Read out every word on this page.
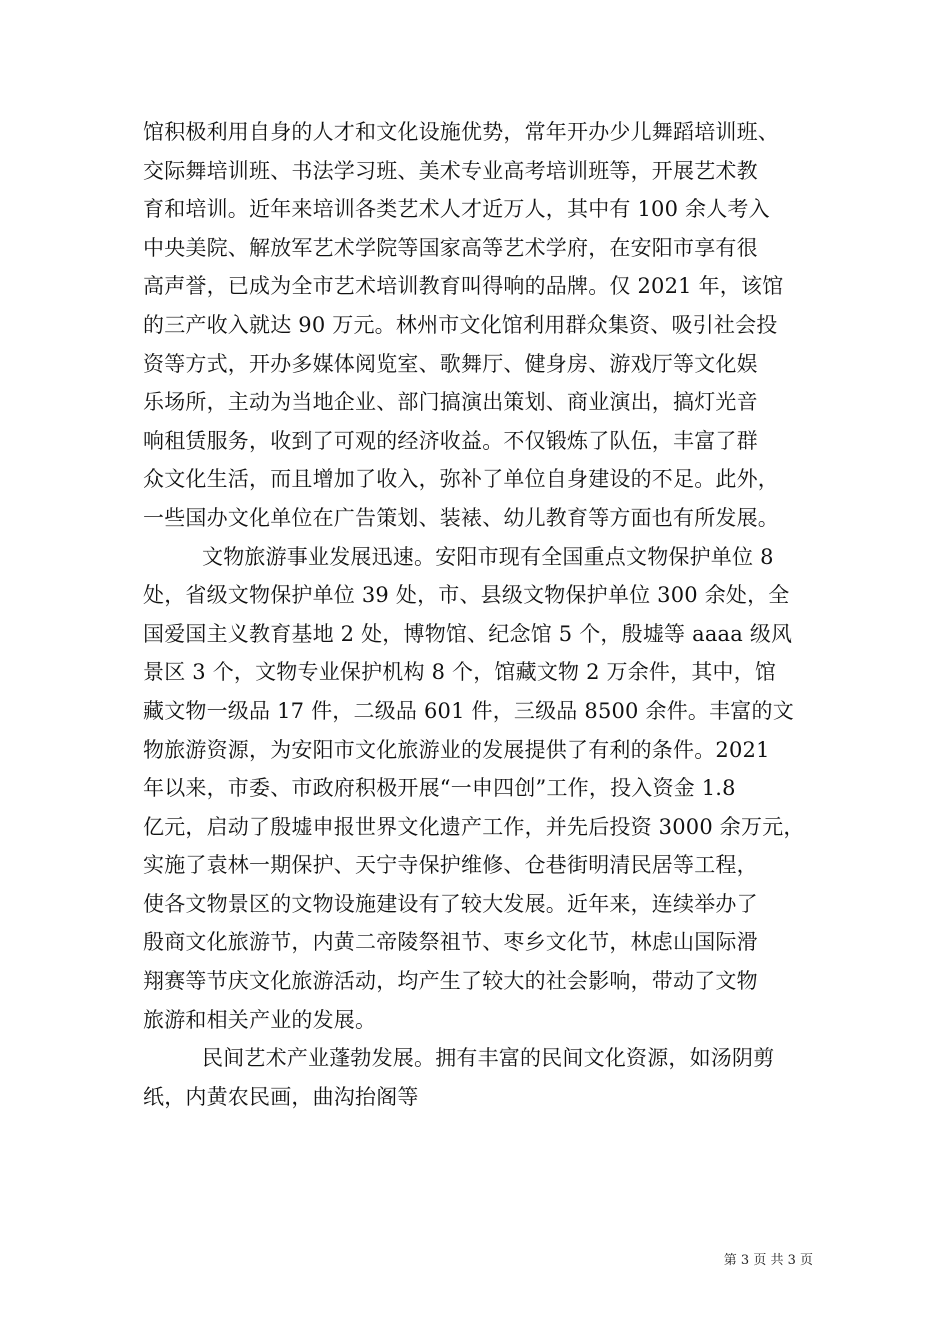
馆积极利用自身的人才和文化设施优势，常年开办少儿舞蹈培训班、
交际舞培训班、书法学习班、美术专业高考培训班等，开展艺术教
育和培训。近年来培训各类艺术人才近万人，其中有 100 余人考入
中央美院、解放军艺术学院等国家高等艺术学府，在安阳市享有很
高声誉，已成为全市艺术培训教育叫得响的品牌。仅 2021 年，该馆
的三产收入就达 90 万元。林州市文化馆利用群众集资、吸引社会投
资等方式，开办多媒体阅览室、歌舞厅、健身房、游戏厅等文化娱
乐场所，主动为当地企业、部门搞演出策划、商业演出，搞灯光音
响租赁服务，收到了可观的经济收益。不仅锻炼了队伍，丰富了群
众文化生活，而且增加了收入，弥补了单位自身建设的不足。此外，
一些国办文化单位在广告策划、装裱、幼儿教育等方面也有所发展。
文物旅游事业发展迅速。安阳市现有全国重点文物保护单位 8
处，省级文物保护单位 39 处，市、县级文物保护单位 300 余处，全
国爱国主义教育基地 2 处，博物馆、纪念馆 5 个，殷墟等 aaaa 级风
景区 3 个，文物专业保护机构 8 个，馆藏文物 2 万余件，其中，馆
藏文物一级品 17 件，二级品 601 件，三级品 8500 余件。丰富的文
物旅游资源，为安阳市文化旅游业的发展提供了有利的条件。2021
年以来，市委、市政府积极开展“一申四创”工作，投入资金 1.8
亿元，启动了殷墟申报世界文化遗产工作，并先后投资 3000 余万元，
实施了袁林一期保护、天宁寺保护维修、仓巷街明清民居等工程，
使各文物景区的文物设施建设有了较大发展。近年来，连续举办了
殷商文化旅游节，内黄二帝陵祭祖节、枣乡文化节，林虑山国际滑
翔赛等节庆文化旅游活动，均产生了较大的社会影响，带动了文物
旅游和相关产业的发展。
民间艺术产业蓬勃发展。拥有丰富的民间文化资源，如汤阴剪
纸，内黄农民画，曲沟抬阁等
第 3 页 共 3 页
